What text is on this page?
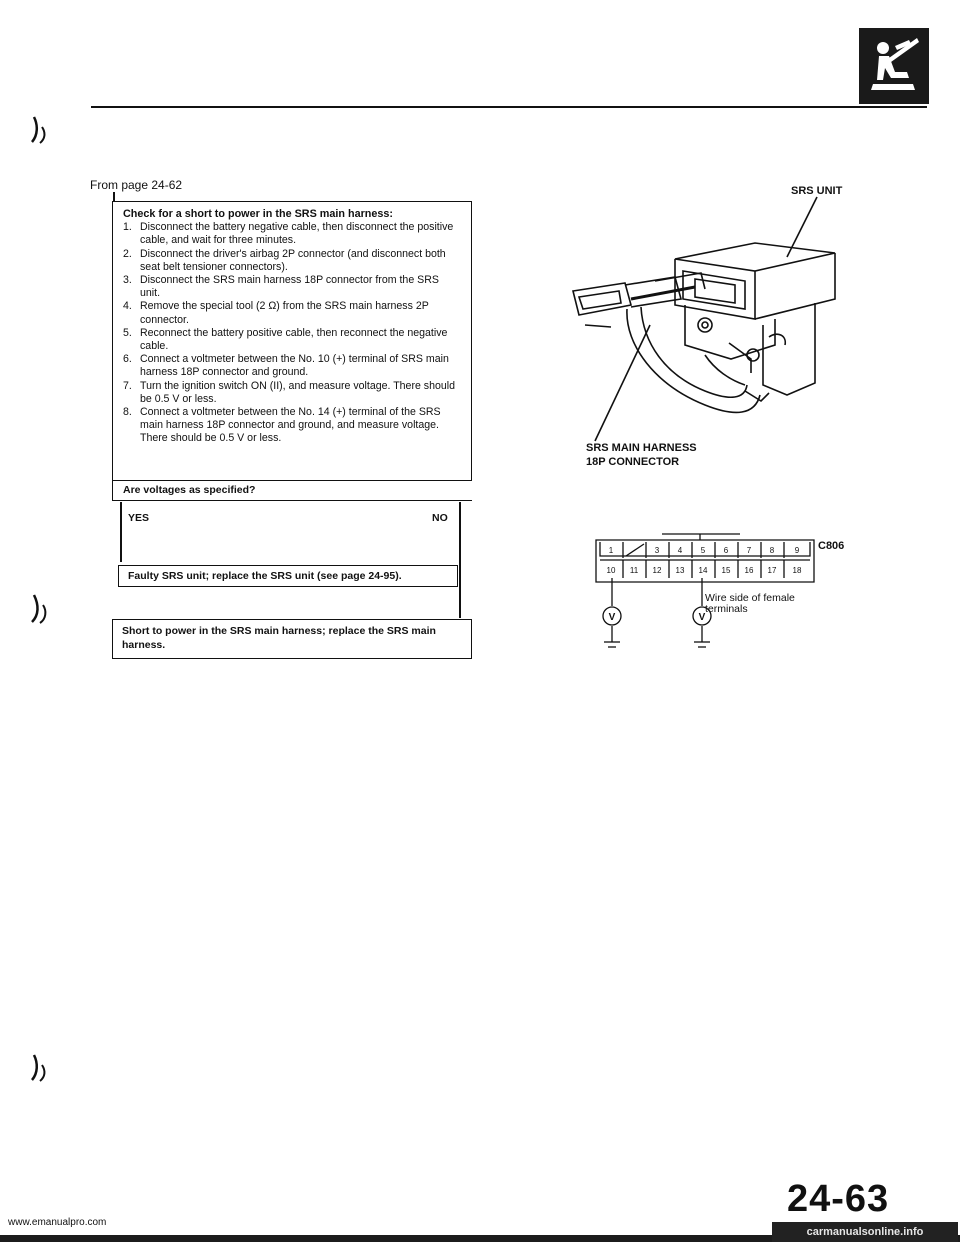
From page 24-62
Check for a short to power in the SRS main harness:
1. Disconnect the battery negative cable, then disconnect the positive cable, and wait for three minutes.
2. Disconnect the driver's airbag 2P connector (and disconnect both seat belt tensioner connectors).
3. Disconnect the SRS main harness 18P connector from the SRS unit.
4. Remove the special tool (2 Ω) from the SRS main harness 2P connector.
5. Reconnect the battery positive cable, then reconnect the negative cable.
6. Connect a voltmeter between the No. 10 (+) terminal of SRS main harness 18P connector and ground.
7. Turn the ignition switch ON (II), and measure voltage. There should be 0.5 V or less.
8. Connect a voltmeter between the No. 14 (+) terminal of the SRS main harness 18P connector and ground, and measure voltage. There should be 0.5 V or less.
Are voltages as specified?
YES	NO
Faulty SRS unit; replace the SRS unit (see page 24-95).
Short to power in the SRS main harness; replace the SRS main harness.
SRS UNIT
SRS MAIN HARNESS
18P CONNECTOR
C806
1	3 4 5 6 7 8	9
10 11 12 13 14 15 16 17 18
V	V
Wire side of female
terminals
24-63
www.emanualpro.com
carmanualsonline.info
